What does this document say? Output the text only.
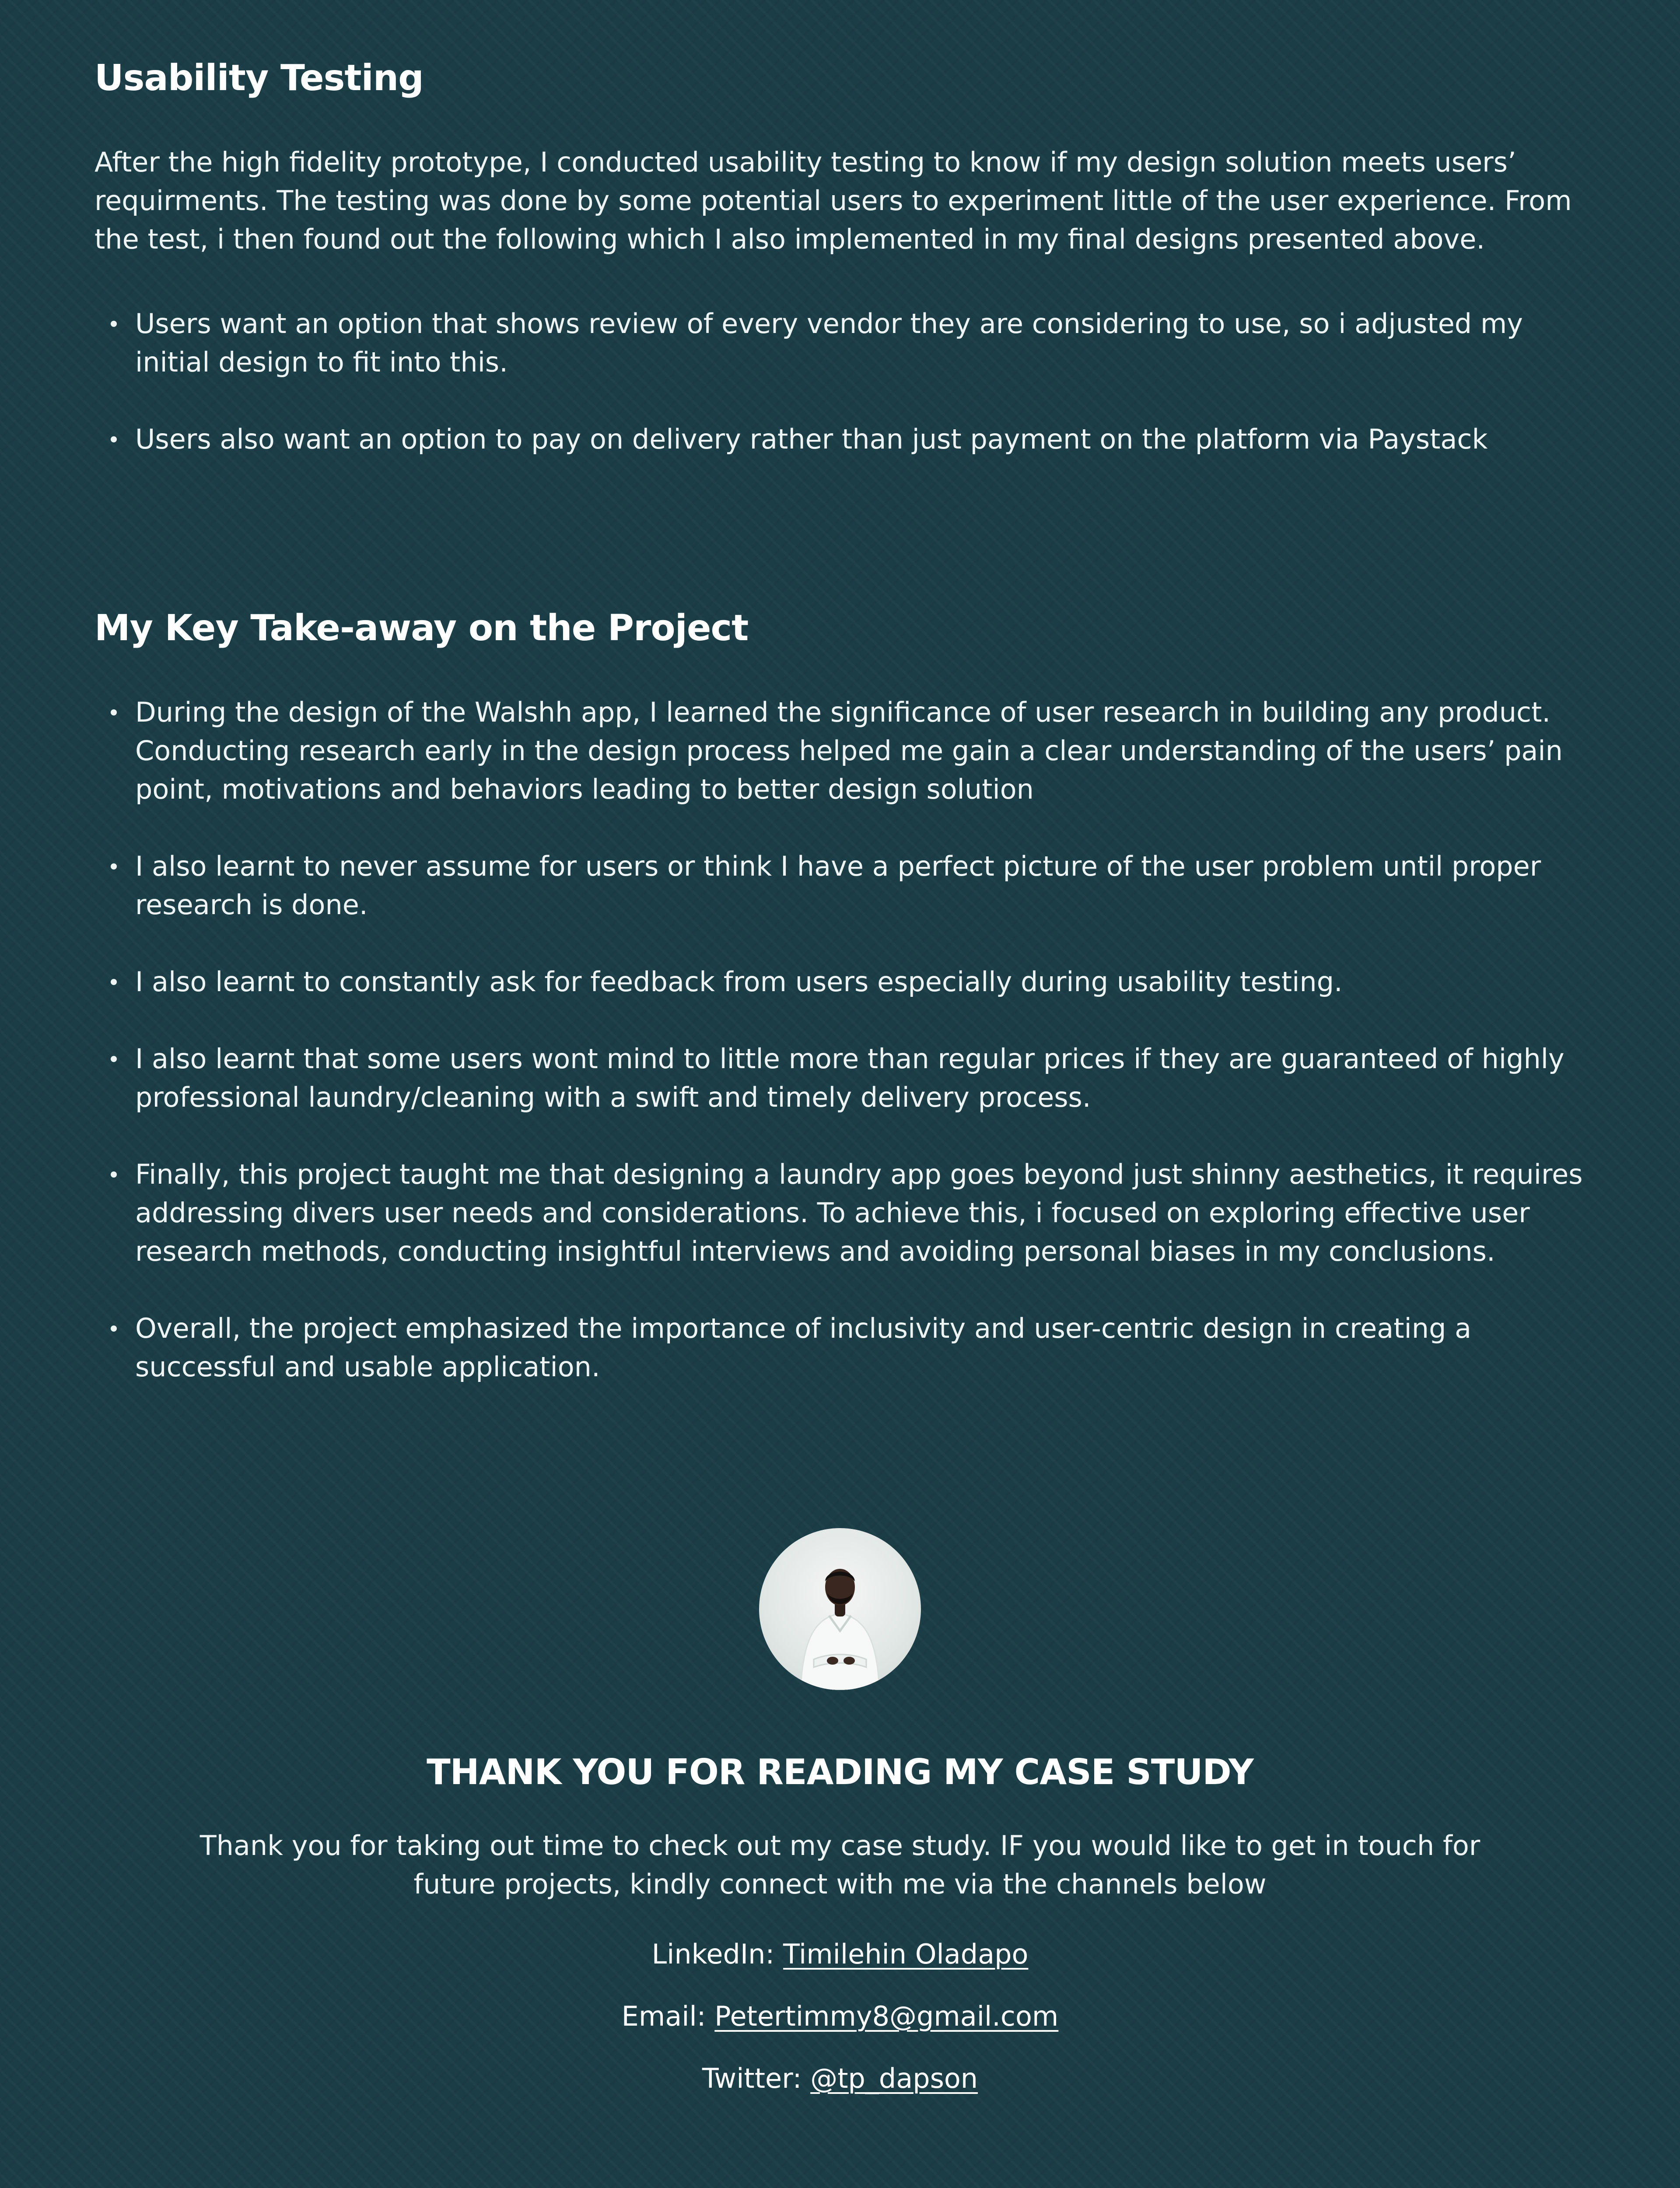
Usability Testing

After the high fidelity prototype, I conducted usability testing to know if my design solution meets users’ requirments. The testing was done by some potential users to experiment little of the user experience. From the test, i then found out the following which I also implemented in my final designs presented above.

Users want an option that shows review of every vendor they are considering to use, so i adjusted my initial design to fit into this.
Users also want an option to pay on delivery rather than just payment on the platform via Paystack
My Key Take-away on the Project
During the design of the Walshh app, I learned the significance of user research in building any product. Conducting research early in the design process helped me gain a clear understanding of the users’ pain point, motivations and behaviors leading to better design solution
I also learnt to never assume for users or think I have a perfect picture of the user problem until proper research is done.
I also learnt to constantly ask for feedback from users especially during usability testing.
I also learnt that some users wont mind to little more than regular prices if they are guaranteed of highly professional laundry/cleaning with a swift and timely delivery process.
Finally, this project taught me that designing a laundry app goes beyond just shinny aesthetics, it requires addressing divers user needs and considerations. To achieve this, i focused on exploring effective user research methods, conducting insightful interviews and avoiding personal biases in my conclusions.
Overall, the project emphasized the importance of inclusivity and user-centric design in creating a successful and usable application.
THANK YOU FOR READING MY CASE STUDY
Thank you for taking out time to check out my case study. IF you would like to get in touch for future projects, kindly connect with me via the channels below
LinkedIn: Timilehin Oladapo
Email: Petertimmy8@gmail.com
Twitter: @tp_dapson
